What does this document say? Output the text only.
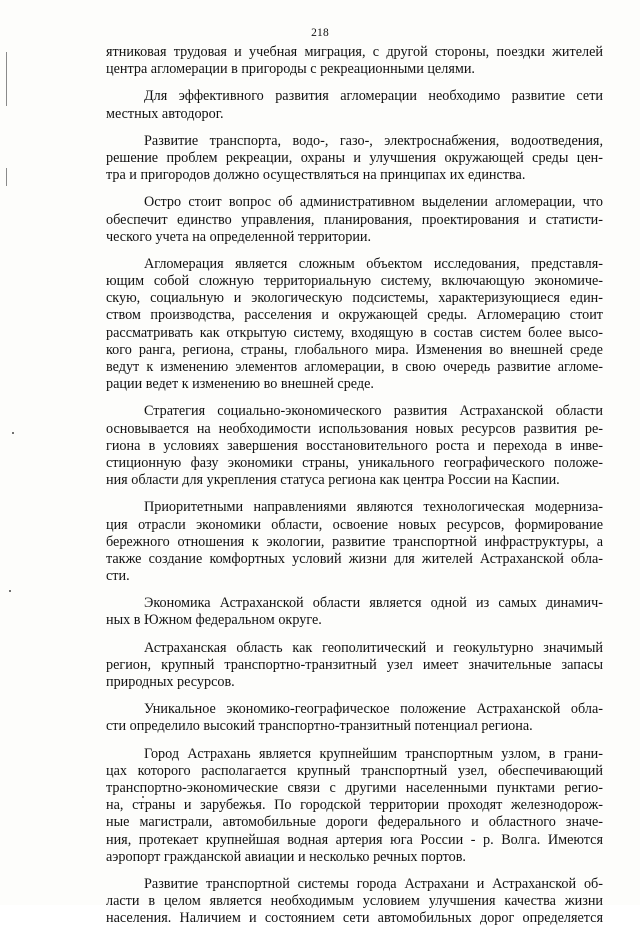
218
ятниковая трудовая и учебная миграция, с другой стороны, поездки жителей
центра агломерации в пригороды с рекреационными целями.
Для эффективного развития агломерации необходимо развитие сети
местных автодорог.
Развитие транспорта, водо-, газо-, электроснабжения, водоотведения,
решение проблем рекреации, охраны и улучшения окружающей среды цен-
тра и пригородов должно осуществляться на принципах их единства.
Остро стоит вопрос об административном выделении агломерации, что
обеспечит единство управления, планирования, проектирования и статисти-
ческого учета на определенной территории.
Агломерация является сложным объектом исследования, представля-
ющим собой сложную территориальную систему, включающую экономиче-
скую, социальную и экологическую подсистемы, характеризующиеся един-
ством производства, расселения и окружающей среды. Агломерацию стоит
рассматривать как открытую систему, входящую в состав систем более высо-
кого ранга, региона, страны, глобального мира. Изменения во внешней среде
ведут к изменению элементов агломерации, в свою очередь развитие агломе-
рации ведет к изменению во внешней среде.
Стратегия социально-экономического развития Астраханской области
основывается на необходимости использования новых ресурсов развития ре-
гиона в условиях завершения восстановительного роста и перехода в инве-
стиционную фазу экономики страны, уникального географического положе-
ния области для укрепления статуса региона как центра России на Каспии.
Приоритетными направлениями являются технологическая модерниза-
ция отрасли экономики области, освоение новых ресурсов, формирование
бережного отношения к экологии, развитие транспортной инфраструктуры, а
также создание комфортных условий жизни для жителей Астраханской обла-
сти.
Экономика Астраханской области является одной из самых динамич-
ных в Южном федеральном округе.
Астраханская область как геополитический и геокультурно значимый
регион, крупный транспортно-транзитный узел имеет значительные запасы
природных ресурсов.
Уникальное экономико-географическое положение Астраханской обла-
сти определило высокий транспортно-транзитный потенциал региона.
Город Астрахань является крупнейшим транспортным узлом, в грани-
цах которого располагается крупный транспортный узел, обеспечивающий
транспортно-экономические связи с другими населенными пунктами регио-
на, страны и зарубежья. По городской территории проходят железнодорож-
ные магистрали, автомобильные дороги федерального и областного значе-
ния, протекает крупнейшая водная артерия юга России - р. Волга. Имеются
аэропорт гражданской авиации и несколько речных портов.
Развитие транспортной системы города Астрахани и Астраханской об-
ласти в целом является необходимым условием улучшения качества жизни
населения. Наличием и состоянием сети автомобильных дорог определяется
